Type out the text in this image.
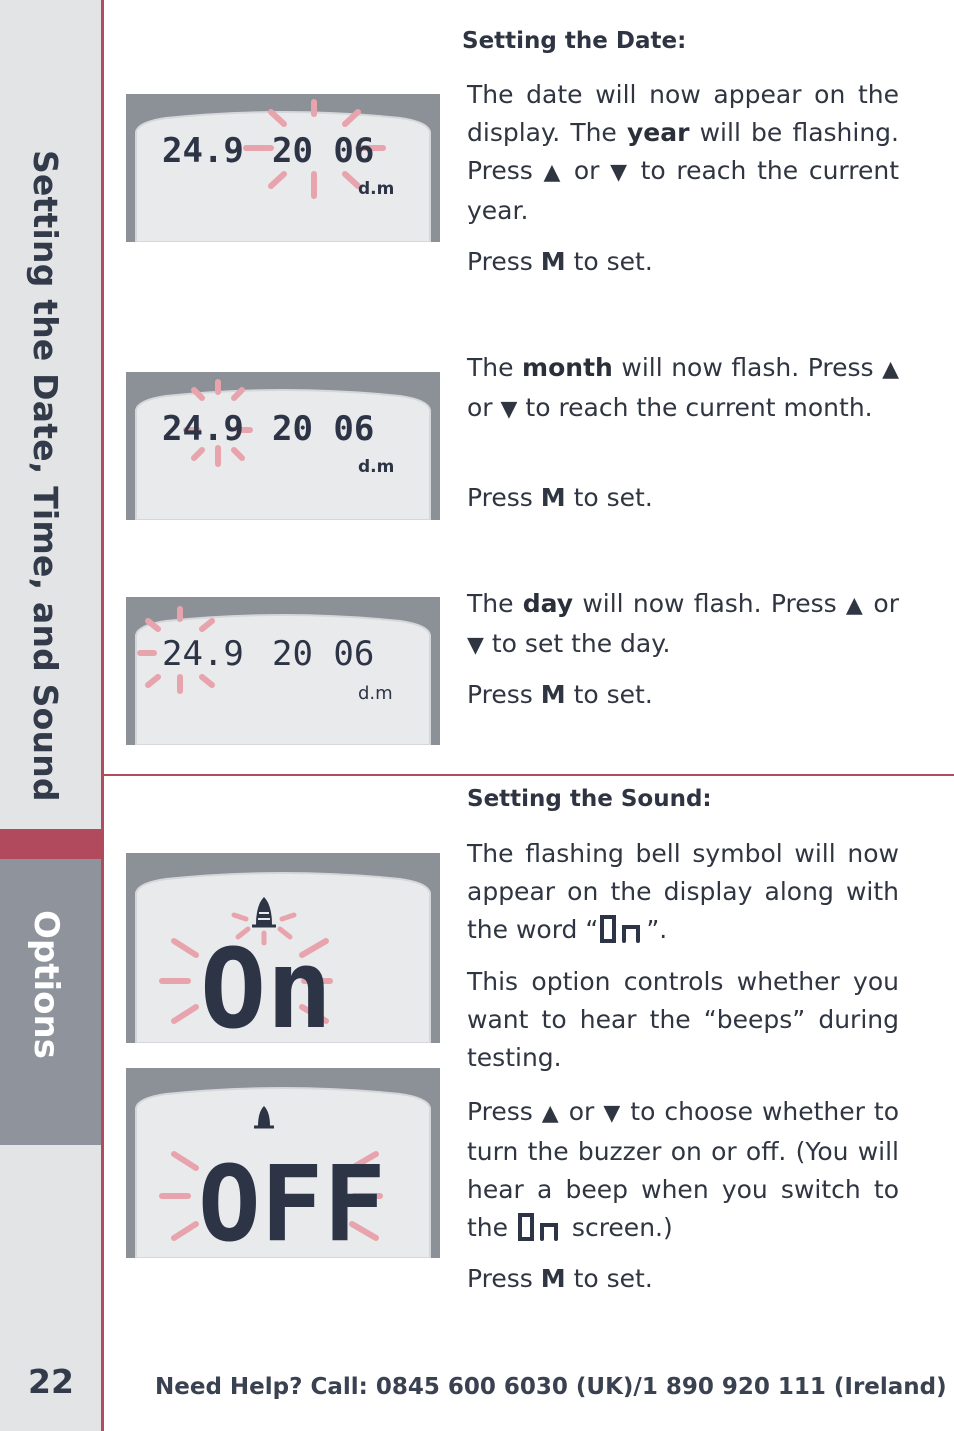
Setting the Date, Time, and Sound
Options
22
Setting the Date:
The date will now appear on the display. The year will be flashing. Press ▲ or ▼ to reach the current year.
Press M to set.
The month will now flash. Press ▲ or ▼ to reach the current month.
Press M to set.
The day will now flash. Press ▲ or ▼ to set the day.
Press M to set.
Setting the Sound:
The flashing bell symbol will now appear on the display along with the word “ ”.
This option controls whether you want to hear the “beeps” during testing.
Press ▲ or ▼ to choose whether to turn the buzzer on or off. (You will hear a beep when you switch to the  screen.)
Press M to set.
Need Help? Call: 0845 600 6030 (UK)/1 890 920 111 (Ireland)
24.9 20 06
d.m
24.9 20 06
d.m
24.9 20 06
d.m
On
OFF
